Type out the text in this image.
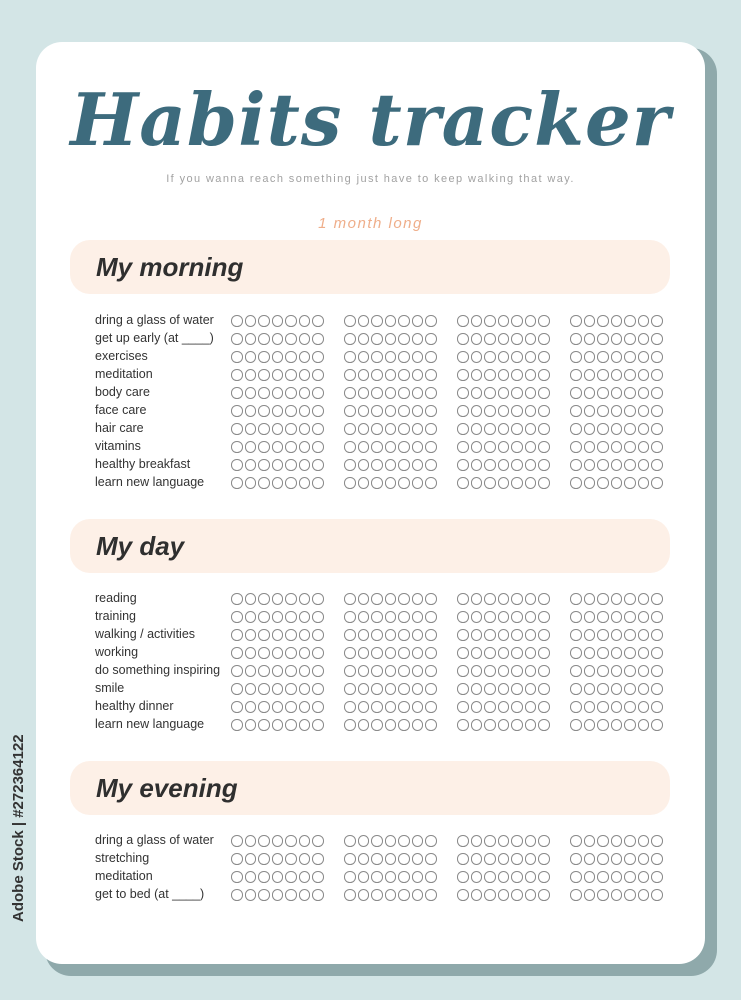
Habits tracker
If you wanna reach something just have to keep walking that way.
1 month long
My morning
dring a glass of water
get up early (at ____)
exercises
meditation
body care
face care
hair care
vitamins
healthy breakfast
learn new language
My day
reading
training
walking / activities
working
do something inspiring
smile
healthy dinner
learn new language
My evening
dring a glass of water
stretching
meditation
get to bed (at ____)
Adobe Stock | #272364122
